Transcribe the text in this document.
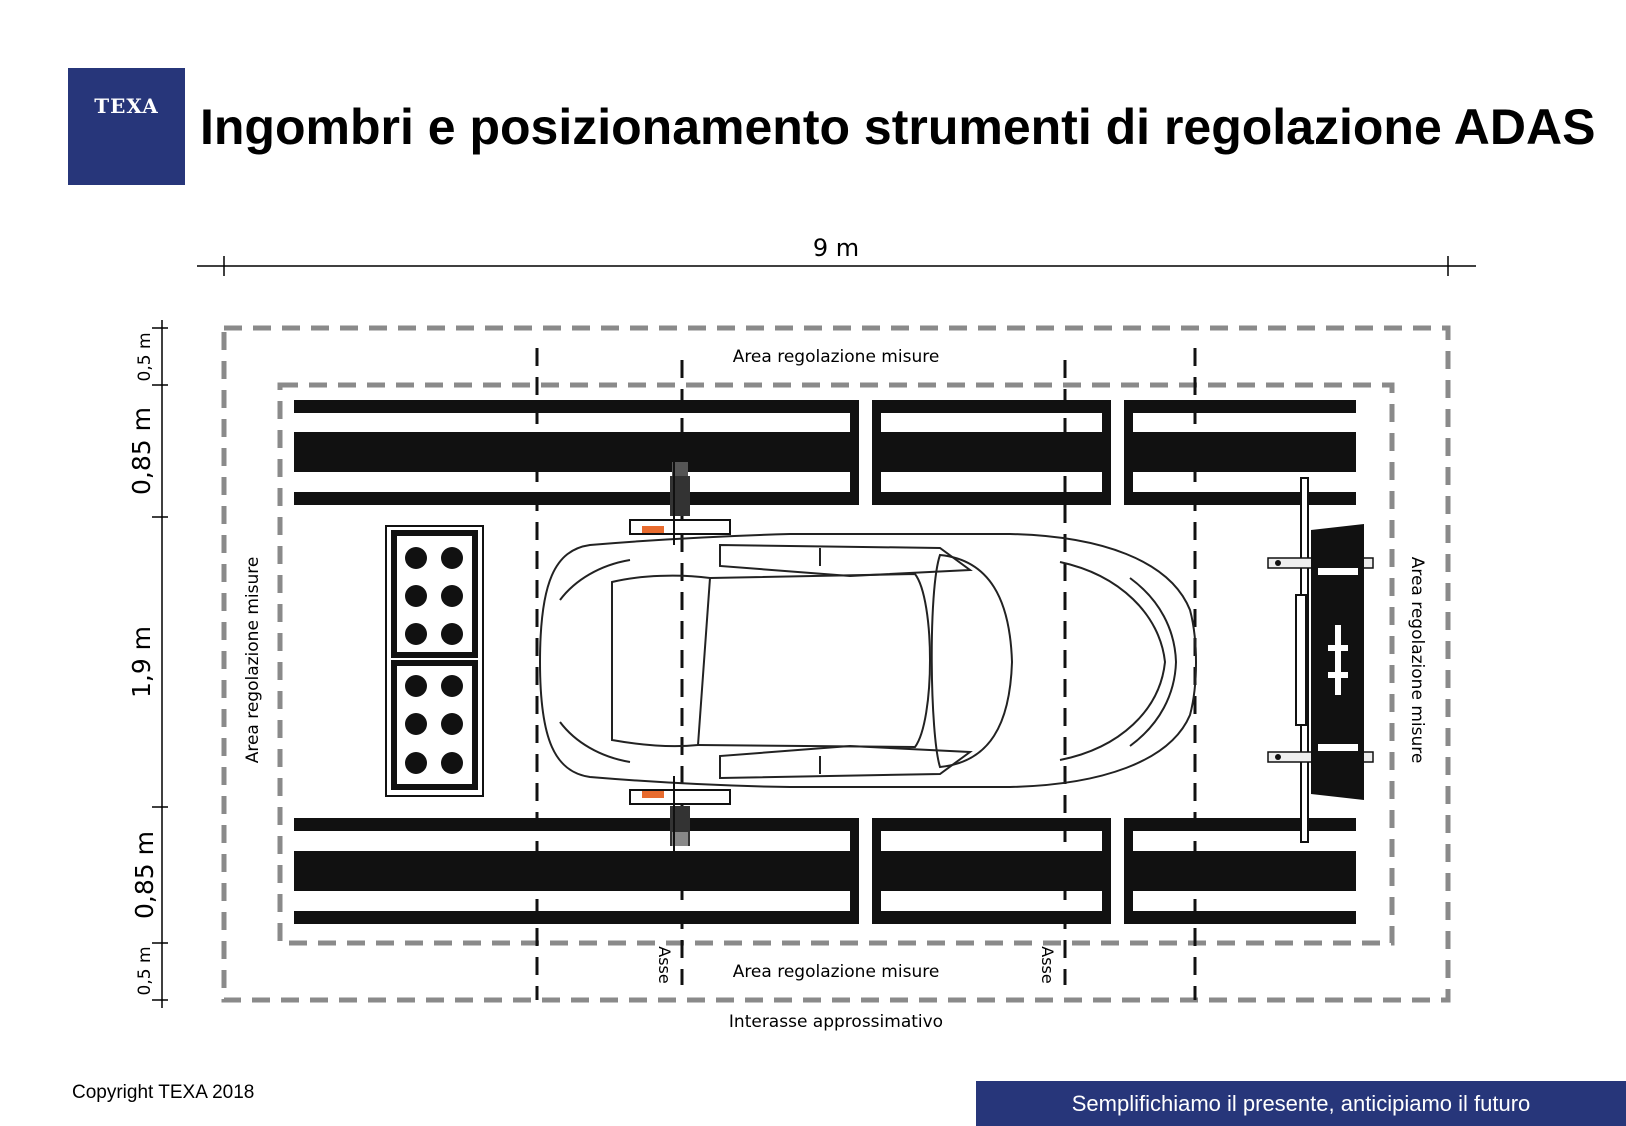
TEXA Ingombri e posizionamento strumenti di regolazione ADAS
9 m
0,5 m
0,85 m
1,9 m
0,85 m
0,5 m
Area regolazione misure
Area regolazione misure
Area regolazione misure	Area regolazione misure
Asse	Asse
Interasse approssimativo
Copyright TEXA 2018	Semplifichiamo il presente, anticipiamo il futuro
